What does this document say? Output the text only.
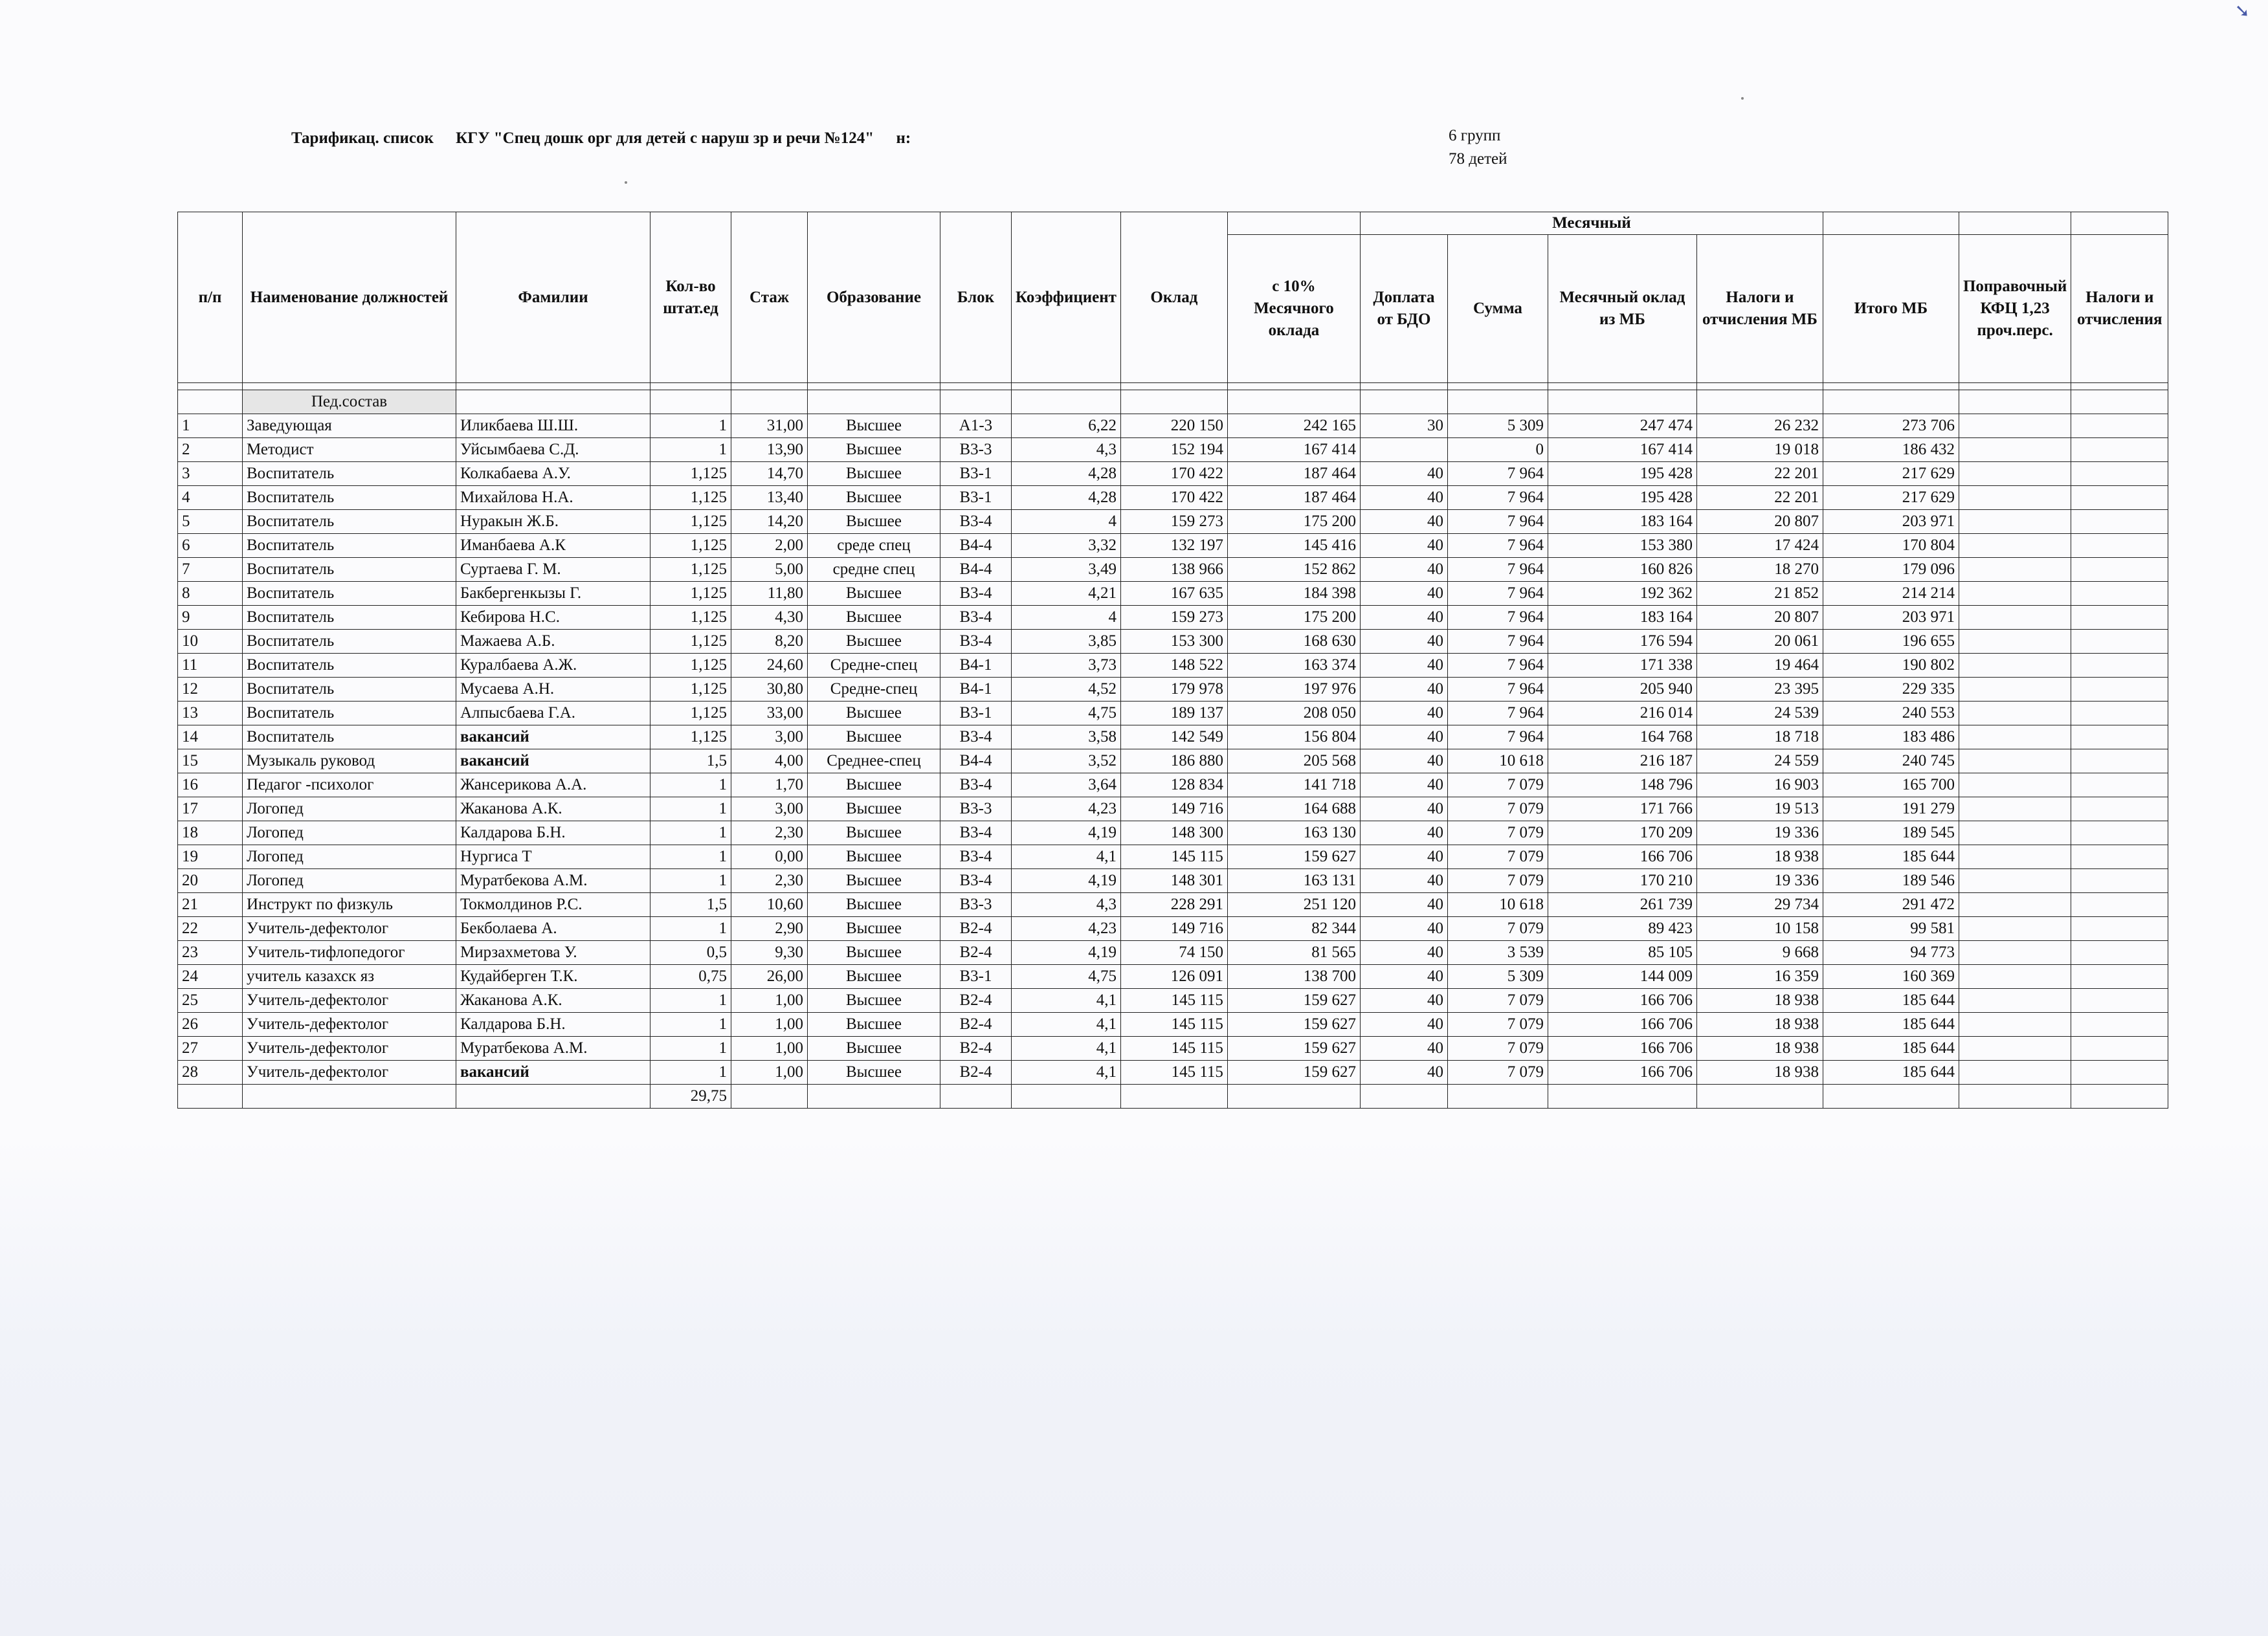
➘
Тарификац. список КГУ "Спец дошк орг для детей с наруш зр и речи №124" н:	6 групп
78 детей
п/п	Наименование должностей	Фамилии	Кол-во штат.ед	Стаж	Образование	Блок	Коэффициент	Оклад		Месячный						
									с 10% Месячного оклада	Доплата от БДО	Сумма	Месячный оклад из МБ	Налоги и отчисления МБ	Итого МБ	Поправочный КФЦ 1,23 проч.перс.	Налоги и отчисления

	Пед.состав															
1	Заведующая	Иликбаева Ш.Ш.	1	31,00	Высшее	А1-3	6,22	220 150	242 165	30	5 309	247 474	26 232	273 706		
2	Методист	Уйсымбаева С.Д.	1	13,90	Высшее	В3-3	4,3	152 194	167 414		0	167 414	19 018	186 432		
3	Воспитатель	Колкабаева А.У.	1,125	14,70	Высшее	В3-1	4,28	170 422	187 464	40	7 964	195 428	22 201	217 629		
4	Воспитатель	Михайлова Н.А.	1,125	13,40	Высшее	В3-1	4,28	170 422	187 464	40	7 964	195 428	22 201	217 629		
5	Воспитатель	Нуракын Ж.Б.	1,125	14,20	Высшее	В3-4	4	159 273	175 200	40	7 964	183 164	20 807	203 971		
6	Воспитатель	Иманбаева А.К	1,125	2,00	среде спец	В4-4	3,32	132 197	145 416	40	7 964	153 380	17 424	170 804		
7	Воспитатель	Суртаева Г. М.	1,125	5,00	средне спец	В4-4	3,49	138 966	152 862	40	7 964	160 826	18 270	179 096		
8	Воспитатель	Бакбергенкызы Г.	1,125	11,80	Высшее	В3-4	4,21	167 635	184 398	40	7 964	192 362	21 852	214 214		
9	Воспитатель	Кебирова Н.С.	1,125	4,30	Высшее	В3-4	4	159 273	175 200	40	7 964	183 164	20 807	203 971		
10	Воспитатель	Мажаева А.Б.	1,125	8,20	Высшее	В3-4	3,85	153 300	168 630	40	7 964	176 594	20 061	196 655		
11	Воспитатель	Куралбаева А.Ж.	1,125	24,60	Средне-спец	В4-1	3,73	148 522	163 374	40	7 964	171 338	19 464	190 802		
12	Воспитатель	Мусаева А.Н.	1,125	30,80	Средне-спец	В4-1	4,52	179 978	197 976	40	7 964	205 940	23 395	229 335		
13	Воспитатель	Алпысбаева Г.А.	1,125	33,00	Высшее	В3-1	4,75	189 137	208 050	40	7 964	216 014	24 539	240 553		
14	Воспитатель	вакансий	1,125	3,00	Высшее	В3-4	3,58	142 549	156 804	40	7 964	164 768	18 718	183 486		
15	Музыкаль руковод	вакансий	1,5	4,00	Среднее-спец	В4-4	3,52	186 880	205 568	40	10 618	216 187	24 559	240 745		
16	Педагог -психолог	Жансерикова А.А.	1	1,70	Высшее	В3-4	3,64	128 834	141 718	40	7 079	148 796	16 903	165 700		
17	Логопед	Жаканова А.К.	1	3,00	Высшее	В3-3	4,23	149 716	164 688	40	7 079	171 766	19 513	191 279		
18	Логопед	Калдарова Б.Н.	1	2,30	Высшее	В3-4	4,19	148 300	163 130	40	7 079	170 209	19 336	189 545		
19	Логопед	Нургиса Т	1	0,00	Высшее	В3-4	4,1	145 115	159 627	40	7 079	166 706	18 938	185 644		
20	Логопед	Муратбекова А.М.	1	2,30	Высшее	В3-4	4,19	148 301	163 131	40	7 079	170 210	19 336	189 546		
21	Инструкт по физкуль	Токмолдинов Р.С.	1,5	10,60	Высшее	В3-3	4,3	228 291	251 120	40	10 618	261 739	29 734	291 472		
22	Учитель-дефектолог	Бекболаева А.	1	2,90	Высшее	В2-4	4,23	149 716	82 344	40	7 079	89 423	10 158	99 581		
23	Учитель-тифлопедогог	Мирзахметова У.	0,5	9,30	Высшее	В2-4	4,19	74 150	81 565	40	3 539	85 105	9 668	94 773		
24	учитель казахск яз	Кудайберген Т.К.	0,75	26,00	Высшее	В3-1	4,75	126 091	138 700	40	5 309	144 009	16 359	160 369		
25	Учитель-дефектолог	Жаканова А.К.	1	1,00	Высшее	В2-4	4,1	145 115	159 627	40	7 079	166 706	18 938	185 644		
26	Учитель-дефектолог	Калдарова Б.Н.	1	1,00	Высшее	В2-4	4,1	145 115	159 627	40	7 079	166 706	18 938	185 644		
27	Учитель-дефектолог	Муратбекова А.М.	1	1,00	Высшее	В2-4	4,1	145 115	159 627	40	7 079	166 706	18 938	185 644		
28	Учитель-дефектолог	вакансий	1	1,00	Высшее	В2-4	4,1	145 115	159 627	40	7 079	166 706	18 938	185 644		
			29,75													
